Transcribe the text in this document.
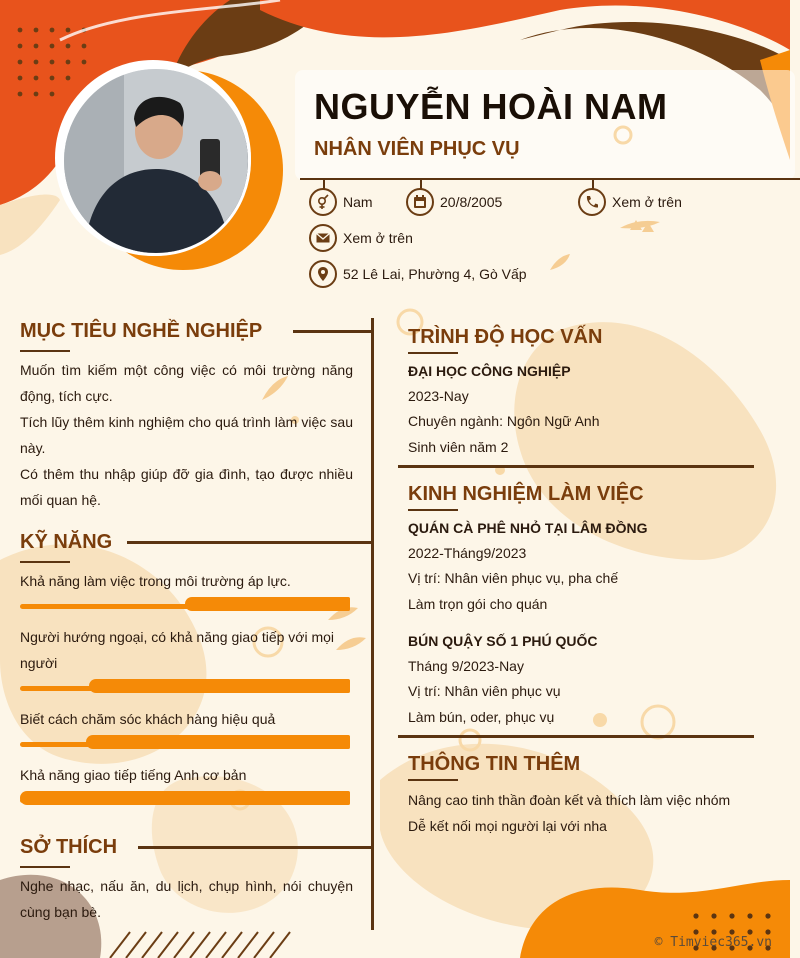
NGUYỄN HOÀI NAM
NHÂN VIÊN PHỤC VỤ
Nam	20/8/2005	Xem ở trên
Xem ở trên
52 Lê Lai, Phường 4, Gò Vấp
MỤC TIÊU NGHỀ NGHIỆP
Muốn tìm kiếm một công việc có môi trường năng động, tích cực.
Tích lũy thêm kinh nghiệm cho quá trình làm việc sau này.
Có thêm thu nhập giúp đỡ gia đình, tạo được nhiều mối quan hệ.
KỸ NĂNG
Khả năng làm việc trong môi trường áp lực.
Người hướng ngoại, có khả năng giao tiếp với mọi người
Biết cách chăm sóc khách hàng hiệu quả
Khả năng giao tiếp tiếng Anh cơ bản
SỞ THÍCH
Nghe nhạc, nấu ăn, du lịch, chụp hình, nói chuyện cùng bạn bè.
TRÌNH ĐỘ HỌC VẤN
ĐẠI HỌC CÔNG NGHIỆP
2023-Nay
Chuyên ngành: Ngôn Ngữ Anh
Sinh viên năm 2
KINH NGHIỆM LÀM VIỆC
QUÁN CÀ PHÊ NHỎ TẠI LÂM ĐỒNG
2022-Tháng9/2023
Vị trí: Nhân viên phục vụ, pha chế
Làm trọn gói cho quán
BÚN QUẬY SỐ 1 PHÚ QUỐC
Tháng 9/2023-Nay
Vị trí: Nhân viên phục vụ
Làm bún, oder, phục vụ
THÔNG TIN THÊM
Nâng cao tinh thần đoàn kết và thích làm việc nhóm
Dễ kết nối mọi người lại với nha
© Timviec365.vn
